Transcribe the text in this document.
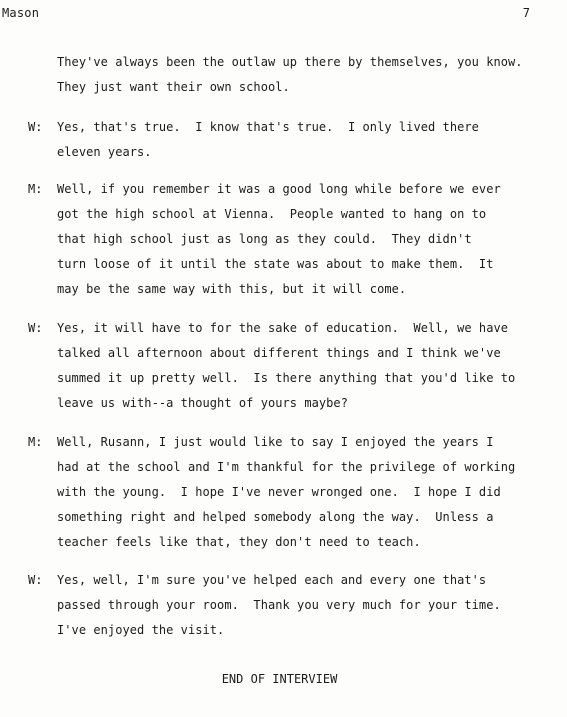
Mason	7
They've always been the outlaw up there by themselves, you know.
They just want their own school.
W: Yes, that's true.  I know that's true.  I only lived there
eleven years.
M: Well, if you remember it was a good long while before we ever
got the high school at Vienna.  People wanted to hang on to
that high school just as long as they could.  They didn't
turn loose of it until the state was about to make them.  It
may be the same way with this, but it will come.
W: Yes, it will have to for the sake of education.  Well, we have
talked all afternoon about different things and I think we've
summed it up pretty well.  Is there anything that you'd like to
leave us with--a thought of yours maybe?
M: Well, Rusann, I just would like to say I enjoyed the years I
had at the school and I'm thankful for the privilege of working
with the young.  I hope I've never wronged one.  I hope I did
something right and helped somebody along the way.  Unless a
teacher feels like that, they don't need to teach.
W: Yes, well, I'm sure you've helped each and every one that's
passed through your room.  Thank you very much for your time.
I've enjoyed the visit.
END OF INTERVIEW
